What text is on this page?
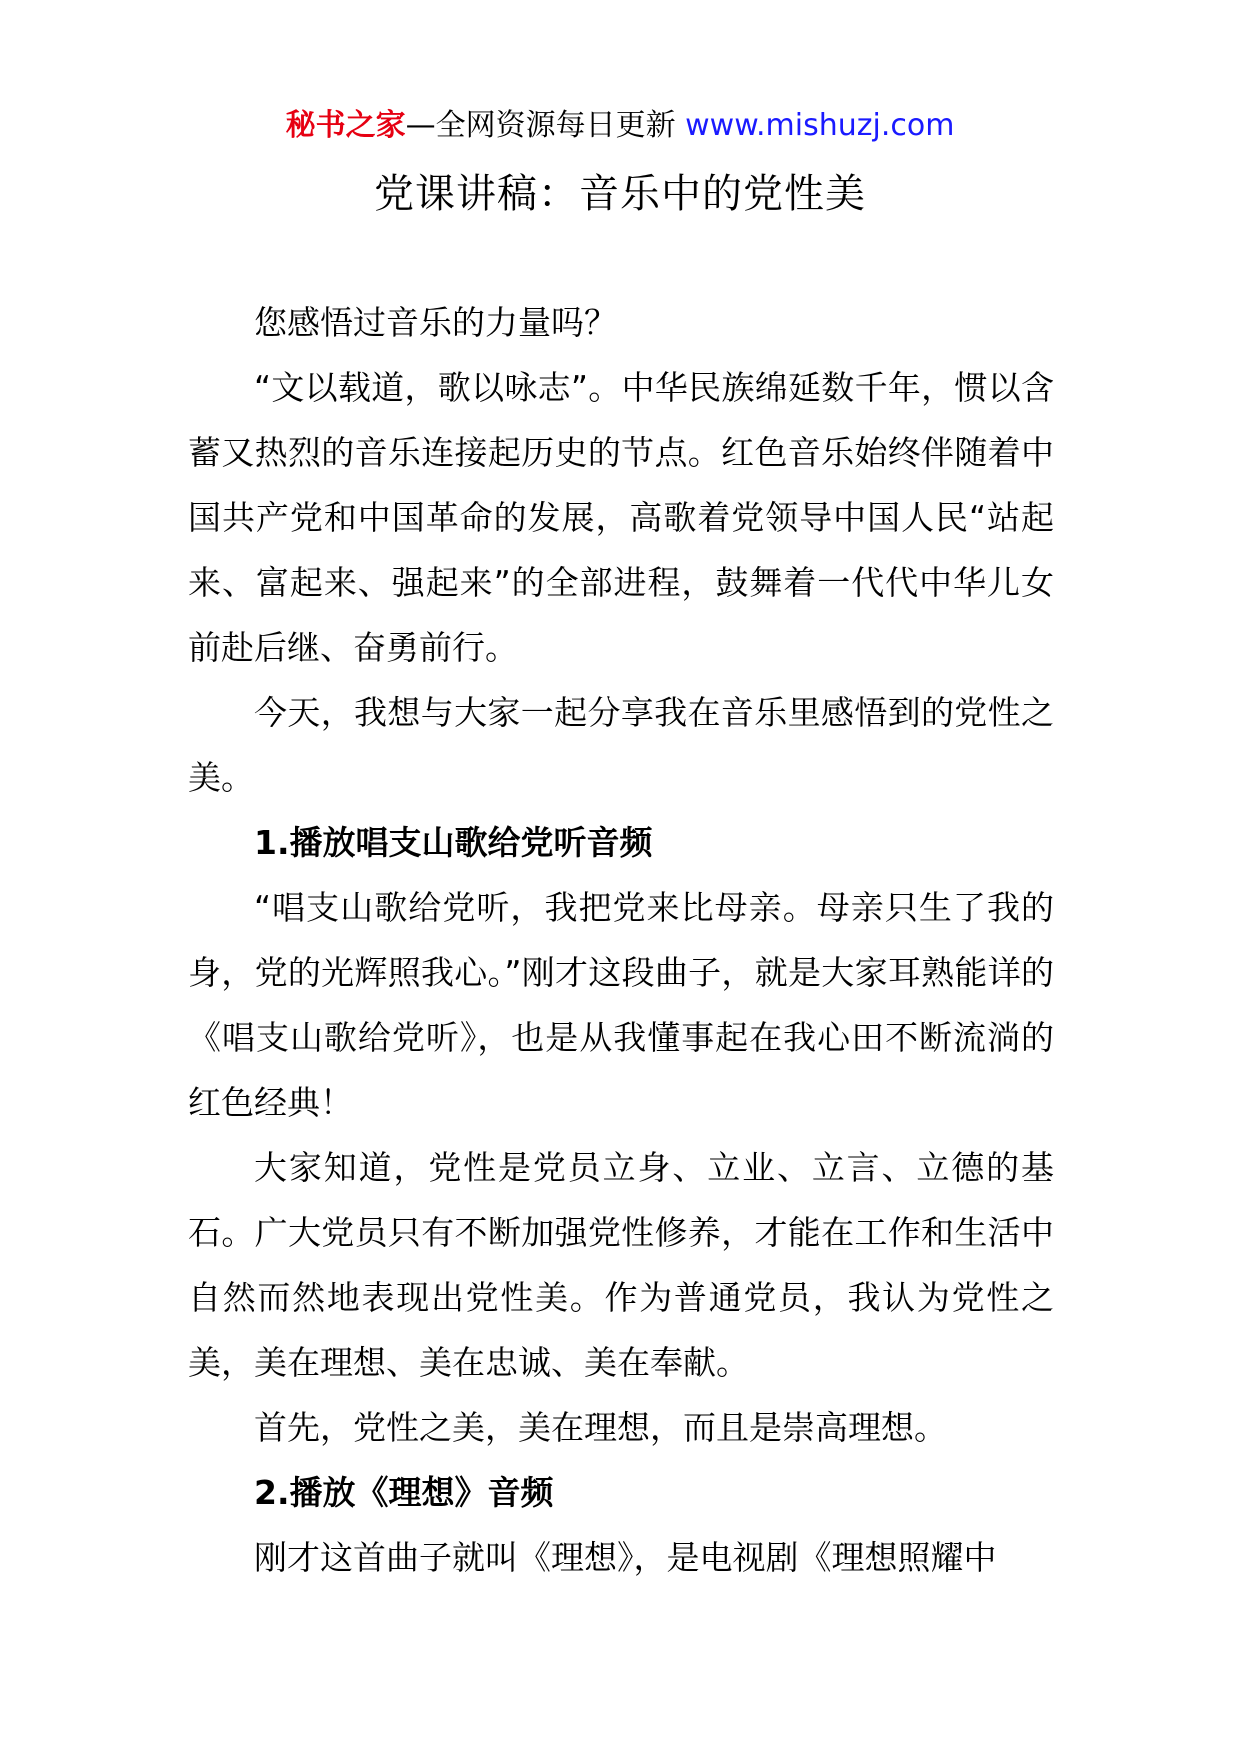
秘书之家—全网资源每日更新 www.mishuzj.com
党课讲稿：音乐中的党性美

您感悟过音乐的力量吗？

“文以载道，歌以咏志”。中华民族绵延数千年，惯以含蓄又热烈的音乐连接起历史的节点。红色音乐始终伴随着中国共产党和中国革命的发展，高歌着党领导中国人民“站起来、富起来、强起来”的全部进程，鼓舞着一代代中华儿女前赴后继、奋勇前行。

今天，我想与大家一起分享我在音乐里感悟到的党性之美。

1.播放唱支山歌给党听音频

“唱支山歌给党听，我把党来比母亲。母亲只生了我的身，党的光辉照我心。”刚才这段曲子，就是大家耳熟能详的《唱支山歌给党听》，也是从我懂事起在我心田不断流淌的红色经典！

大家知道，党性是党员立身、立业、立言、立德的基石。广大党员只有不断加强党性修养，才能在工作和生活中自然而然地表现出党性美。作为普通党员，我认为党性之美，美在理想、美在忠诚、美在奉献。

首先，党性之美，美在理想，而且是崇高理想。

2.播放《理想》音频

刚才这首曲子就叫《理想》，是电视剧《理想照耀中
